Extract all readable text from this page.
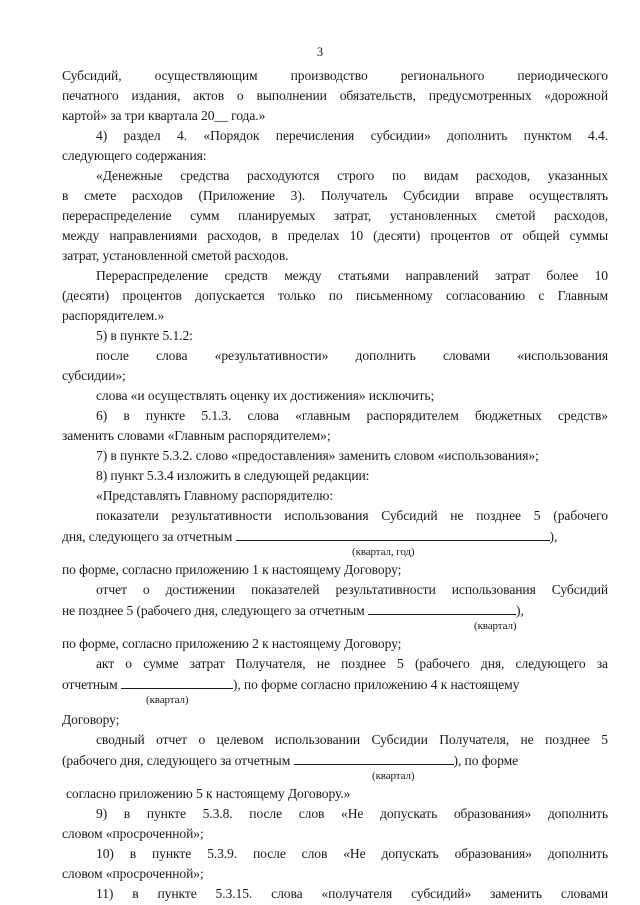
3
Субсидий, осуществляющим производство регионального периодического
печатного издания, актов о выполнении обязательств, предусмотренных «дорожной
картой» за три квартала 20__ года.»
4) раздел 4. «Порядок перечисления субсидии» дополнить пунктом 4.4.
следующего содержания:
«Денежные средства расходуются строго по видам расходов, указанных
в смете расходов (Приложение 3). Получатель Субсидии вправе осуществлять
перераспределение сумм планируемых затрат, установленных сметой расходов,
между направлениями расходов, в пределах 10 (десяти) процентов от общей суммы
затрат, установленной сметой расходов.
Перераспределение средств между статьями направлений затрат более 10
(десяти) процентов допускается только по письменному согласованию с Главным
распорядителем.»
5) в пункте 5.1.2:
после слова «результативности» дополнить словами «использования
субсидии»;
слова «и осуществлять оценку их достижения» исключить;
6) в пункте 5.1.3. слова «главным распорядителем бюджетных средств»
заменить словами «Главным распорядителем»;
7) в пункте 5.3.2. слово «предоставления» заменить словом «использования»;
8) пункт 5.3.4 изложить в следующей редакции:
«Представлять Главному распорядителю:
показатели результативности использования Субсидий не позднее 5 (рабочего
дня, следующего за отчетным	),
(квартал, год)
по форме, согласно приложению 1 к настоящему Договору;
отчет о достижении показателей результативности использования Субсидий
не позднее 5 (рабочего дня, следующего за отчетным	),
(квартал)
по форме, согласно приложению 2 к настоящему Договору;
акт о сумме затрат Получателя, не позднее 5 (рабочего дня, следующего за
отчетным	), по форме согласно приложению 4 к настоящему
(квартал)
Договору;
сводный отчет о целевом использовании Субсидии Получателя, не позднее 5
(рабочего дня, следующего за отчетным	), по форме
(квартал)
согласно приложению 5 к настоящему Договору.»
9) в пункте 5.3.8. после слов «Не допускать образования» дополнить
словом «просроченной»;
10) в пункте 5.3.9. после слов «Не допускать образования» дополнить
словом «просроченной»;
11) в пункте 5.3.15. слова «получателя субсидий» заменить словами
